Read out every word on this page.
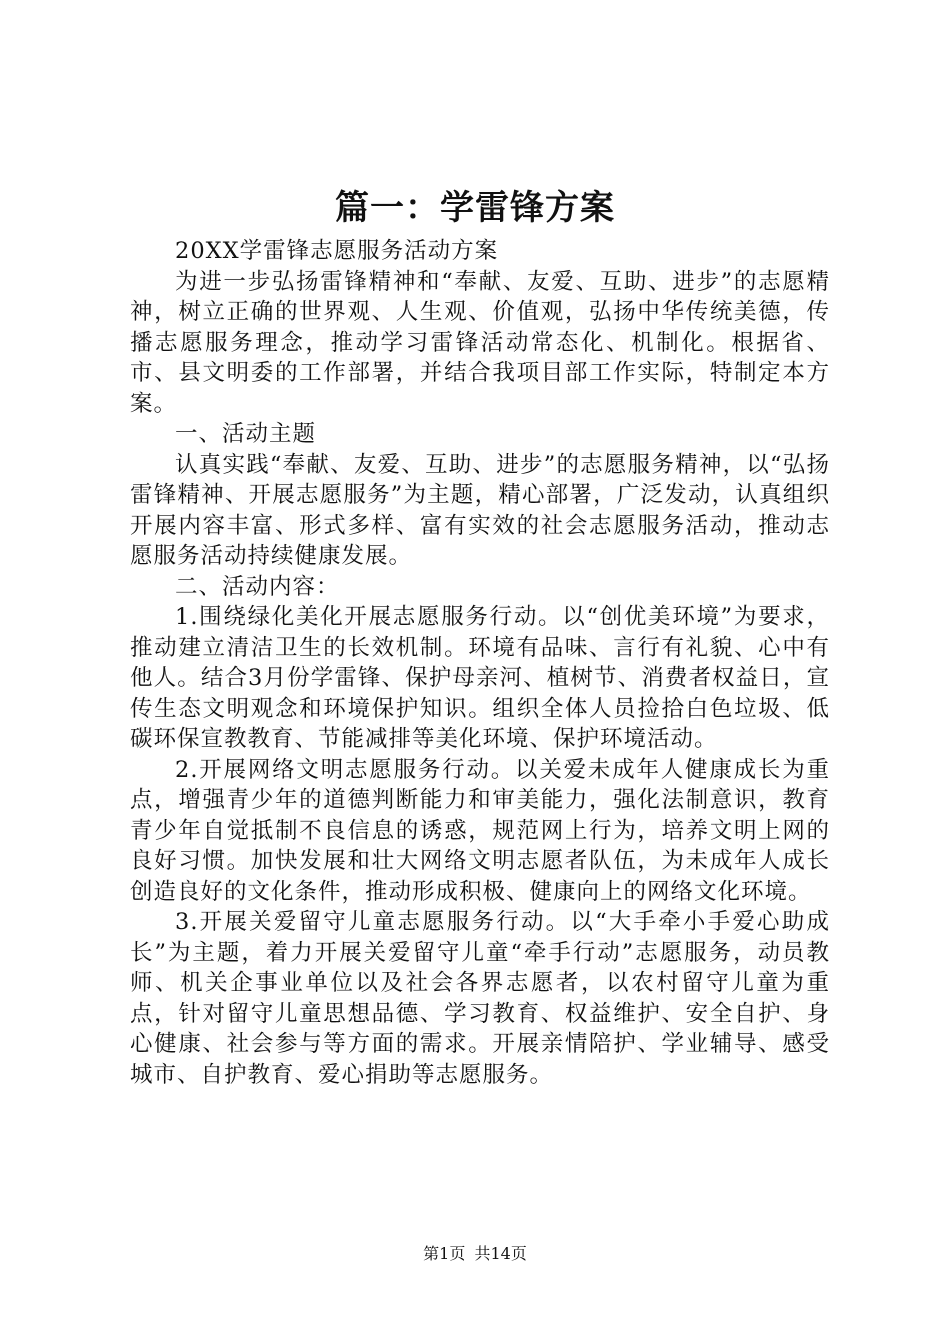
篇一：学雷锋方案

20XX学雷锋志愿服务活动方案

为进一步弘扬雷锋精神和“奉献、友爱、互助、进步”的志愿精神，树立正确的世界观、人生观、价值观，弘扬中华传统美德，传播志愿服务理念，推动学习雷锋活动常态化、机制化。根据省、市、县文明委的工作部署，并结合我项目部工作实际，特制定本方案。

一、活动主题

认真实践“奉献、友爱、互助、进步”的志愿服务精神，以“弘扬雷锋精神、开展志愿服务”为主题，精心部署，广泛发动，认真组织开展内容丰富、形式多样、富有实效的社会志愿服务活动，推动志愿服务活动持续健康发展。

二、活动内容：

1.围绕绿化美化开展志愿服务行动。以“创优美环境”为要求，推动建立清洁卫生的长效机制。环境有品味、言行有礼貌、心中有他人。结合3月份学雷锋、保护母亲河、植树节、消费者权益日，宣传生态文明观念和环境保护知识。组织全体人员捡拾白色垃圾、低碳环保宣教教育、节能减排等美化环境、保护环境活动。

2.开展网络文明志愿服务行动。以关爱未成年人健康成长为重点，增强青少年的道德判断能力和审美能力，强化法制意识，教育青少年自觉抵制不良信息的诱惑，规范网上行为，培养文明上网的良好习惯。加快发展和壮大网络文明志愿者队伍，为未成年人成长创造良好的文化条件，推动形成积极、健康向上的网络文化环境。

3.开展关爱留守儿童志愿服务行动。以“大手牵小手爱心助成长”为主题，着力开展关爱留守儿童“牵手行动”志愿服务，动员教师、机关企事业单位以及社会各界志愿者，以农村留守儿童为重点，针对留守儿童思想品德、学习教育、权益维护、安全自护、身心健康、社会参与等方面的需求。开展亲情陪护、学业辅导、感受城市、自护教育、爱心捐助等志愿服务。

第1页 共14页
